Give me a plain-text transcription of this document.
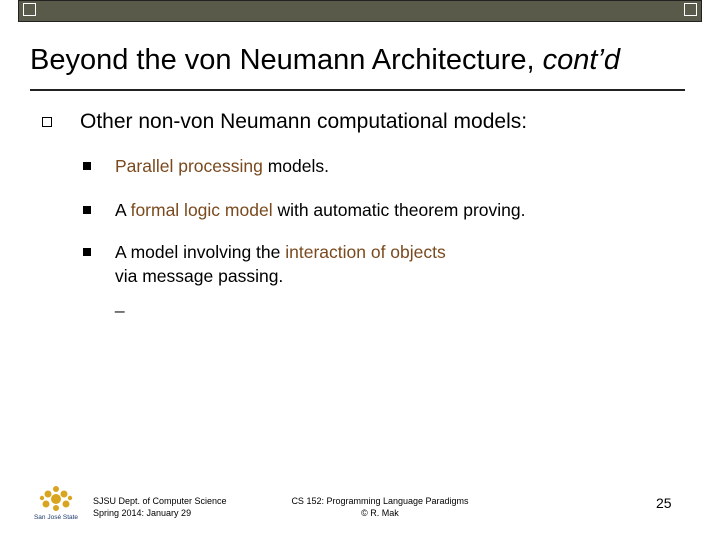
Beyond the von Neumann Architecture, cont’d
Other non-von Neumann computational models:
Parallel processing models.
A formal logic model with automatic theorem proving.
A model involving the interaction of objects
via message passing.
_
San José State
SJSU Dept. of Computer Science
Spring 2014: January 29
CS 152: Programming Language Paradigms
© R. Mak
25
